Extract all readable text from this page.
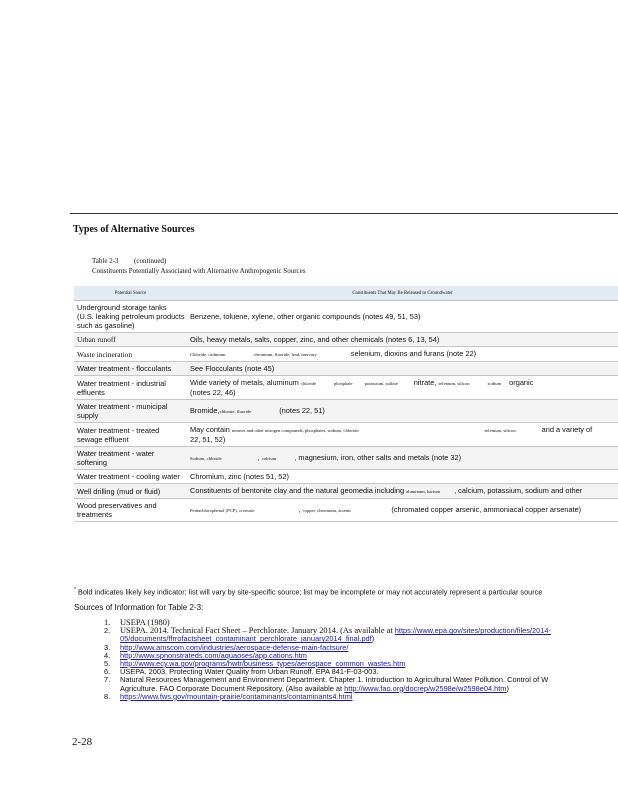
Types of Alternative Sources
Table 2-3 (continued)
Constituents Potentially Associated with Alternative Anthropogenic Sources
Potential Source	Constituents That May Be Released to Groundwater
Underground storage tanks (U.S. leaking petroleum products such as gasoline)	Benzene, toluene, xylene, other organic compounds (notes 49, 51, 53)
Urban runoff	Oils, heavy metals, salts, copper, zinc, and other chemicals (notes 6, 13, 54)
Waste incineration	Chloride, cadmium chromium, fluoride, lead, mercury selenium, dioxins and furans (note 22)
Water treatment - flocculants	See Flocculants (note 45)
Water treatment - industrial effluents	Wide variety of metals, aluminum chloride phosphate potassium, sulfate nitrate, selenium, silicon sodium organic
(notes 22, 46)
Water treatment - municipal supply	Bromide,chlorate, fluoride (notes 22, 51)
Water treatment - treated sewage effluent	May contain nitrates and other nitrogen compounds, phosphates, sodium, chloride selenium, silicon and a variety of
22, 51, 52)
Water treatment - water softening	Sodium, chloride , calcium , magnesium, iron, other salts and metals (note 32)
Water treatment - cooling water	Chromium, zinc (notes 51, 52)
Well drilling (mud or fluid)	Constituents of bentonite clay and the natural geomedia including aluminum, barium , calcium, potassium, sodium and other
Wood preservatives and treatments	Pentachlorophenol (PCP), creosote , copper, chromium, arsenic (chromated copper arsenic, ammoniacal copper arsenate)
* Bold indicates likely key indicator; list will vary by site-specific source; list may be incomplete or may not accurately represent a particular source
Sources of Information for Table 2-3:
1. USEPA (1980)
2. USEPA. 2014. Technical Fact Sheet – Perchlorate. January 2014. (As available at https://www.epa.gov/sites/production/files/2014-
05/documents/ffrrofactsheet_contaminant_perchlorate_january2014_final.pdf)
3. http://www.amscom.com/industries/aerospace-defense-main-factsure/
4. http://www.spnonstrateds.com/aquaoses/app.cations.htm
5. http://www.ecy.wa.gov/programs/hwtr/business_types/aerospace_common_wastes.htm
6. USEPA. 2003. Protecting Water Quality from Urban Runoff. EPA 841-F-03-003.
7. Natural Resources Management and Environment Department. Chapter 1. Introduction to Agricultural Water Pollution. Control of W
Agriculture. FAO Corporate Document Repository. (Also available at http://www.fao.org/docrep/w2598e/w2598e04.htm)
8. https://www.fws.gov/mountain-prairie/contaminants/contaminants4.html
2-28
